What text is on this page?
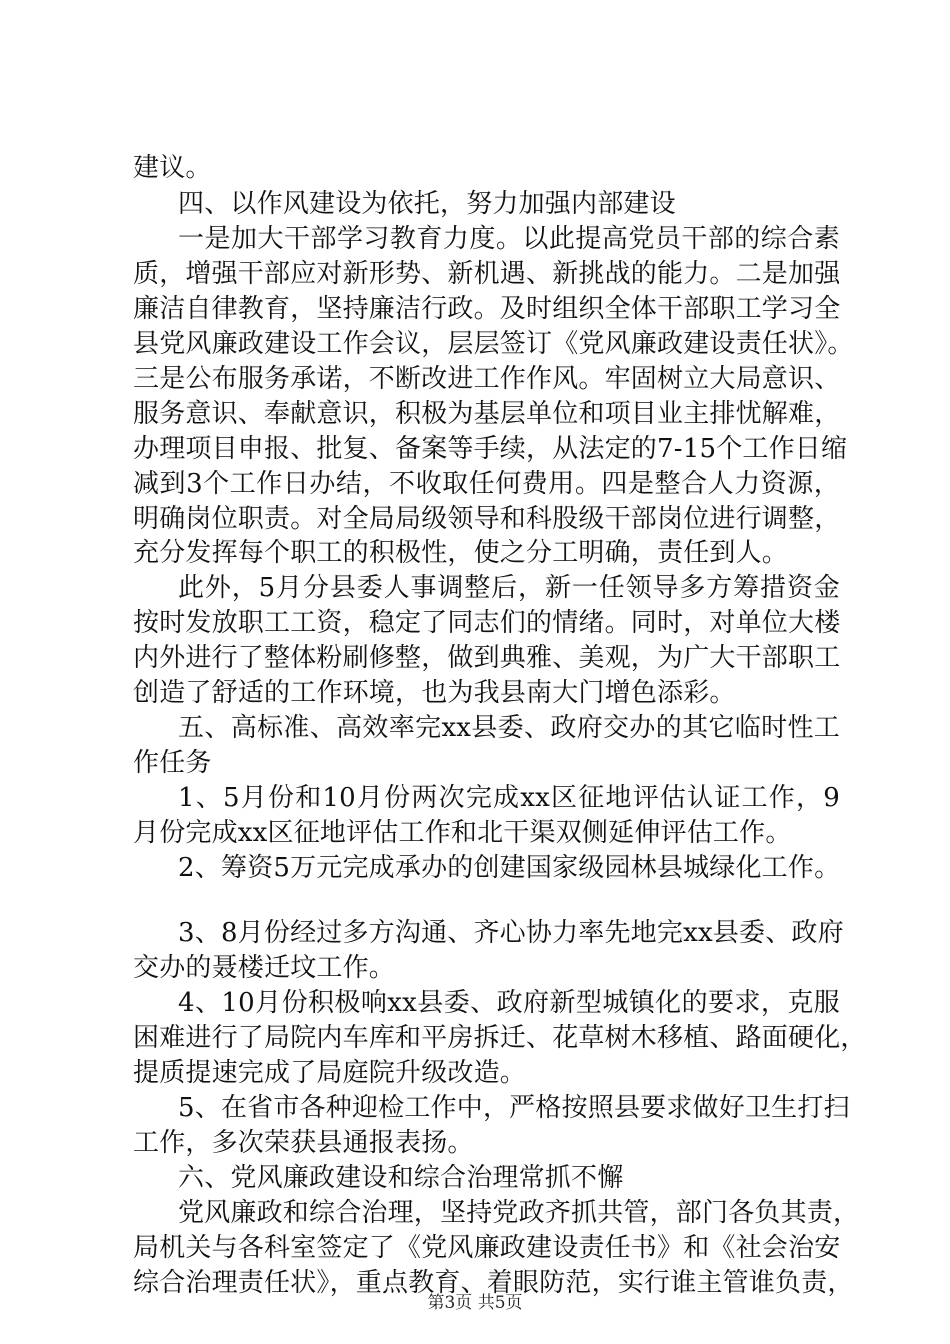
建议。
四、以作风建设为依托，努力加强内部建设
一是加大干部学习教育力度。以此提高党员干部的综合素
质，增强干部应对新形势、新机遇、新挑战的能力。二是加强
廉洁自律教育，坚持廉洁行政。及时组织全体干部职工学习全
县党风廉政建设工作会议，层层签订《党风廉政建设责任状》。
三是公布服务承诺，不断改进工作作风。牢固树立大局意识、
服务意识、奉献意识，积极为基层单位和项目业主排忧解难，
办理项目申报、批复、备案等手续，从法定的7-15个工作日缩
减到3个工作日办结，不收取任何费用。四是整合人力资源，
明确岗位职责。对全局局级领导和科股级干部岗位进行调整，
充分发挥每个职工的积极性，使之分工明确，责任到人。
此外，5月分县委人事调整后，新一任领导多方筹措资金
按时发放职工工资，稳定了同志们的情绪。同时，对单位大楼
内外进行了整体粉刷修整，做到典雅、美观，为广大干部职工
创造了舒适的工作环境，也为我县南大门增色添彩。
五、高标准、高效率完xx县委、政府交办的其它临时性工
作任务
1、5月份和10月份两次完成xx区征地评估认证工作，9
月份完成xx区征地评估工作和北干渠双侧延伸评估工作。
2、筹资5万元完成承办的创建国家级园林县城绿化工作。
3、8月份经过多方沟通、齐心协力率先地完xx县委、政府
交办的聂楼迁坟工作。
4、10月份积极响xx县委、政府新型城镇化的要求，克服
困难进行了局院内车库和平房拆迁、花草树木移植、路面硬化，
提质提速完成了局庭院升级改造。
5、在省市各种迎检工作中，严格按照县要求做好卫生打扫
工作，多次荣获县通报表扬。
六、党风廉政建设和综合治理常抓不懈
党风廉政和综合治理，坚持党政齐抓共管，部门各负其责，
局机关与各科室签定了《党风廉政建设责任书》和《社会治安
综合治理责任状》，重点教育、着眼防范，实行谁主管谁负责，
第3页 共5页
